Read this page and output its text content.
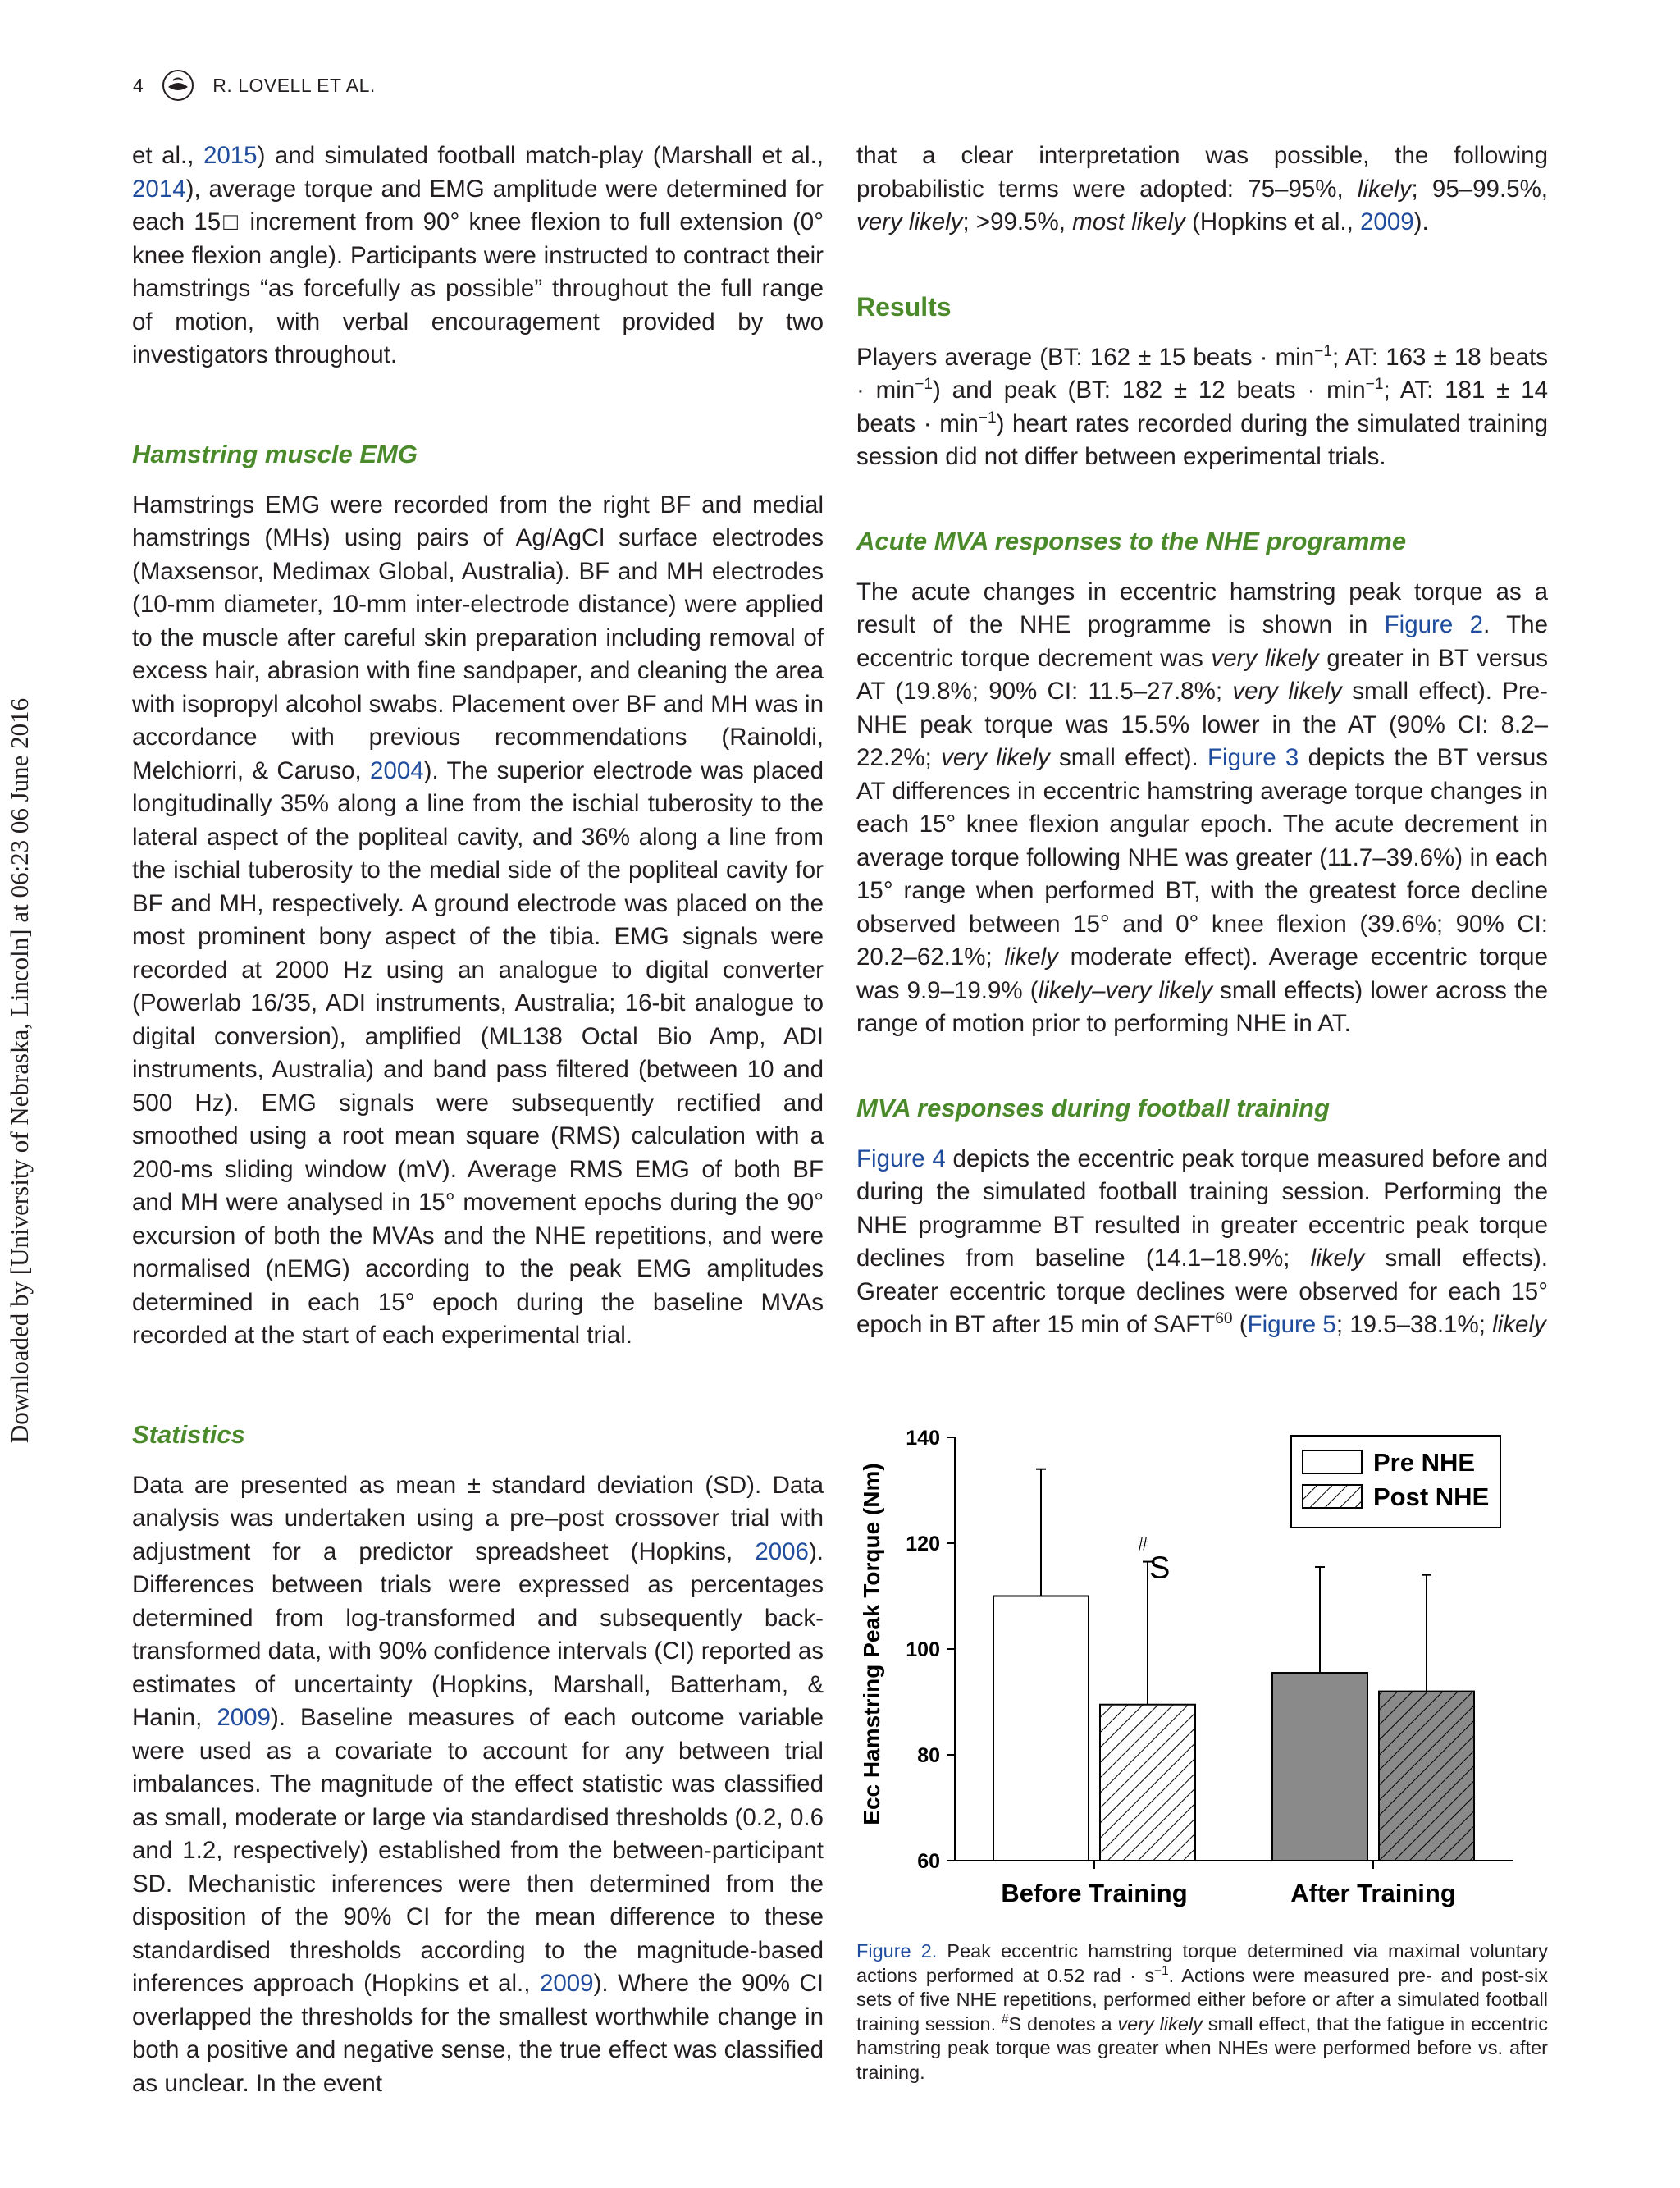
4	R. LOVELL ET AL.
Downloaded by [University of Nebraska, Lincoln] at 06:23 06 June 2016

et al., 2015) and simulated football match-play (Marshall et al., 2014), average torque and EMG amplitude were determined for each 15□ increment from 90° knee flexion to full extension (0° knee flexion angle). Participants were instructed to contract their hamstrings “as forcefully as possible” throughout the full range of motion, with verbal encouragement provided by two investigators throughout.

Hamstring muscle EMG

Hamstrings EMG were recorded from the right BF and medial hamstrings (MHs) using pairs of Ag/AgCl surface electrodes (Maxsensor, Medimax Global, Australia). BF and MH electrodes (10-mm diameter, 10-mm inter-electrode distance) were applied to the muscle after careful skin preparation including removal of excess hair, abrasion with fine sandpaper, and cleaning the area with isopropyl alcohol swabs. Placement over BF and MH was in accordance with previous recommendations (Rainoldi, Melchiorri, & Caruso, 2004). The superior electrode was placed longitudinally 35% along a line from the ischial tuberosity to the lateral aspect of the popliteal cavity, and 36% along a line from the ischial tuberosity to the medial side of the popliteal cavity for BF and MH, respectively. A ground electrode was placed on the most prominent bony aspect of the tibia. EMG signals were recorded at 2000 Hz using an analogue to digital converter (Powerlab 16/35, ADI instruments, Australia; 16-bit analogue to digital conversion), amplified (ML138 Octal Bio Amp, ADI instruments, Australia) and band pass filtered (between 10 and 500 Hz). EMG signals were subsequently rectified and smoothed using a root mean square (RMS) calculation with a 200-ms sliding window (mV). Average RMS EMG of both BF and MH were analysed in 15° movement epochs during the 90° excursion of both the MVAs and the NHE repetitions, and were normalised (nEMG) according to the peak EMG amplitudes determined in each 15° epoch during the baseline MVAs recorded at the start of each experimental trial.

Statistics

Data are presented as mean ± standard deviation (SD). Data analysis was undertaken using a pre–post crossover trial with adjustment for a predictor spreadsheet (Hopkins, 2006). Differences between trials were expressed as percentages determined from log-transformed and subsequently back-transformed data, with 90% confidence intervals (CI) reported as estimates of uncertainty (Hopkins, Marshall, Batterham, & Hanin, 2009). Baseline measures of each outcome variable were used as a covariate to account for any between trial imbalances. The magnitude of the effect statistic was classified as small, moderate or large via standardised thresholds (0.2, 0.6 and 1.2, respectively) established from the between-participant SD. Mechanistic inferences were then determined from the disposition of the 90% CI for the mean difference to these standardised thresholds according to the magnitude-based inferences approach (Hopkins et al., 2009). Where the 90% CI overlapped the thresholds for the smallest worthwhile change in both a positive and negative sense, the true effect was classified as unclear. In the event

that a clear interpretation was possible, the following probabilistic terms were adopted: 75–95%, likely; 95–99.5%, very likely; >99.5%, most likely (Hopkins et al., 2009).

Results

Players average (BT: 162 ± 15 beats · $\min^{-1}$; AT: 163 ± 18 beats · $\min^{-1}$) and peak (BT: 182 ± 12 beats · $\min^{-1}$; AT: 181 ± 14 beats · $\min^{-1}$) heart rates recorded during the simulated training session did not differ between experimental trials.

Acute MVA responses to the NHE programme

The acute changes in eccentric hamstring peak torque as a result of the NHE programme is shown in Figure 2. The eccentric torque decrement was very likely greater in BT versus AT (19.8%; 90% CI: 11.5–27.8%; very likely small effect). Pre-NHE peak torque was 15.5% lower in the AT (90% CI: 8.2–22.2%; very likely small effect). Figure 3 depicts the BT versus AT differences in eccentric hamstring average torque changes in each 15° knee flexion angular epoch. The acute decrement in average torque following NHE was greater (11.7–39.6%) in each 15° range when performed BT, with the greatest force decline observed between 15° and 0° knee flexion (39.6%; 90% CI: 20.2–62.1%; likely moderate effect). Average eccentric torque was 9.9–19.9% (likely–very likely small effects) lower across the range of motion prior to performing NHE in AT.

MVA responses during football training

Figure 4 depicts the eccentric peak torque measured before and during the simulated football training session. Performing the NHE programme BT resulted in greater eccentric peak torque declines from baseline (14.1–18.9%; likely small effects). Greater eccentric torque declines were observed for each 15° epoch in BT after 15 min of SAFT$^{60}$ (Figure 5; 19.5–38.1%; likely

60
80
100
120
140
Before Training	After Training
#
S
Pre NHE
Post NHE
Ecc Hamstring Peak Torque (Nm)
Figure 2. Peak eccentric hamstring torque determined via maximal voluntary actions performed at 0.52 rad · $s^{-1}$. Actions were measured pre- and post-six sets of five NHE repetitions, performed either before or after a simulated football training session. #S denotes a very likely small effect, that the fatigue in eccentric hamstring peak torque was greater when NHEs were performed before vs. after training.
